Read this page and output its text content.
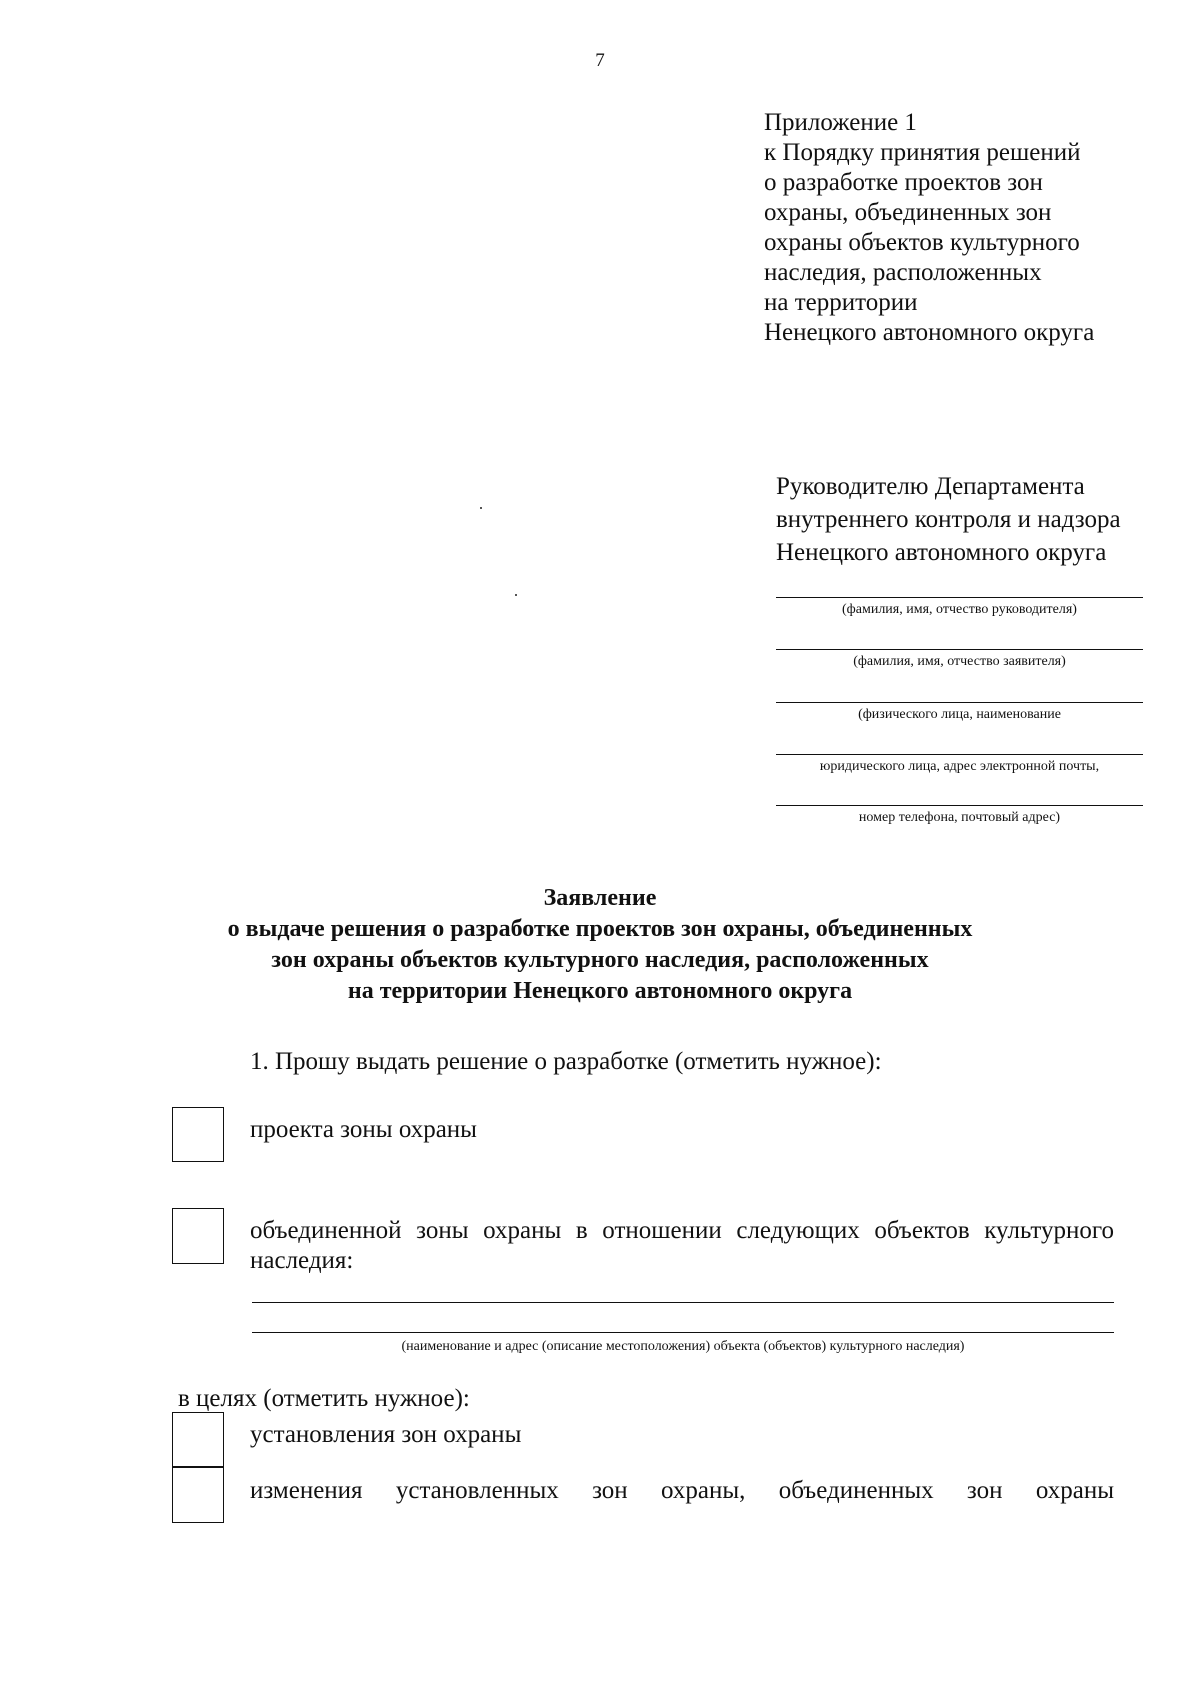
7
Приложение 1
к Порядку принятия решений
о разработке проектов зон
охраны, объединенных зон
охраны объектов культурного
наследия, расположенных
на территории
Ненецкого автономного округа
Руководителю Департамента
внутреннего контроля и надзора
Ненецкого автономного округа
(фамилия, имя, отчество руководителя)
(фамилия, имя, отчество заявителя)
(физического лица, наименование
юридического лица, адрес электронной почты,
номер телефона, почтовый адрес)
Заявление
о выдаче решения о разработке проектов зон охраны, объединенных
зон охраны объектов культурного наследия, расположенных
на территории Ненецкого автономного округа
1. Прошу выдать решение о разработке (отметить нужное):
проекта зоны охраны
объединенной зоны охраны в отношении следующих объектов культурного наследия:
(наименование и адрес (описание местоположения) объекта (объектов) культурного наследия)
в целях (отметить нужное):
установления зон охраны
изменения установленных зон охраны, объединенных зон охраны
